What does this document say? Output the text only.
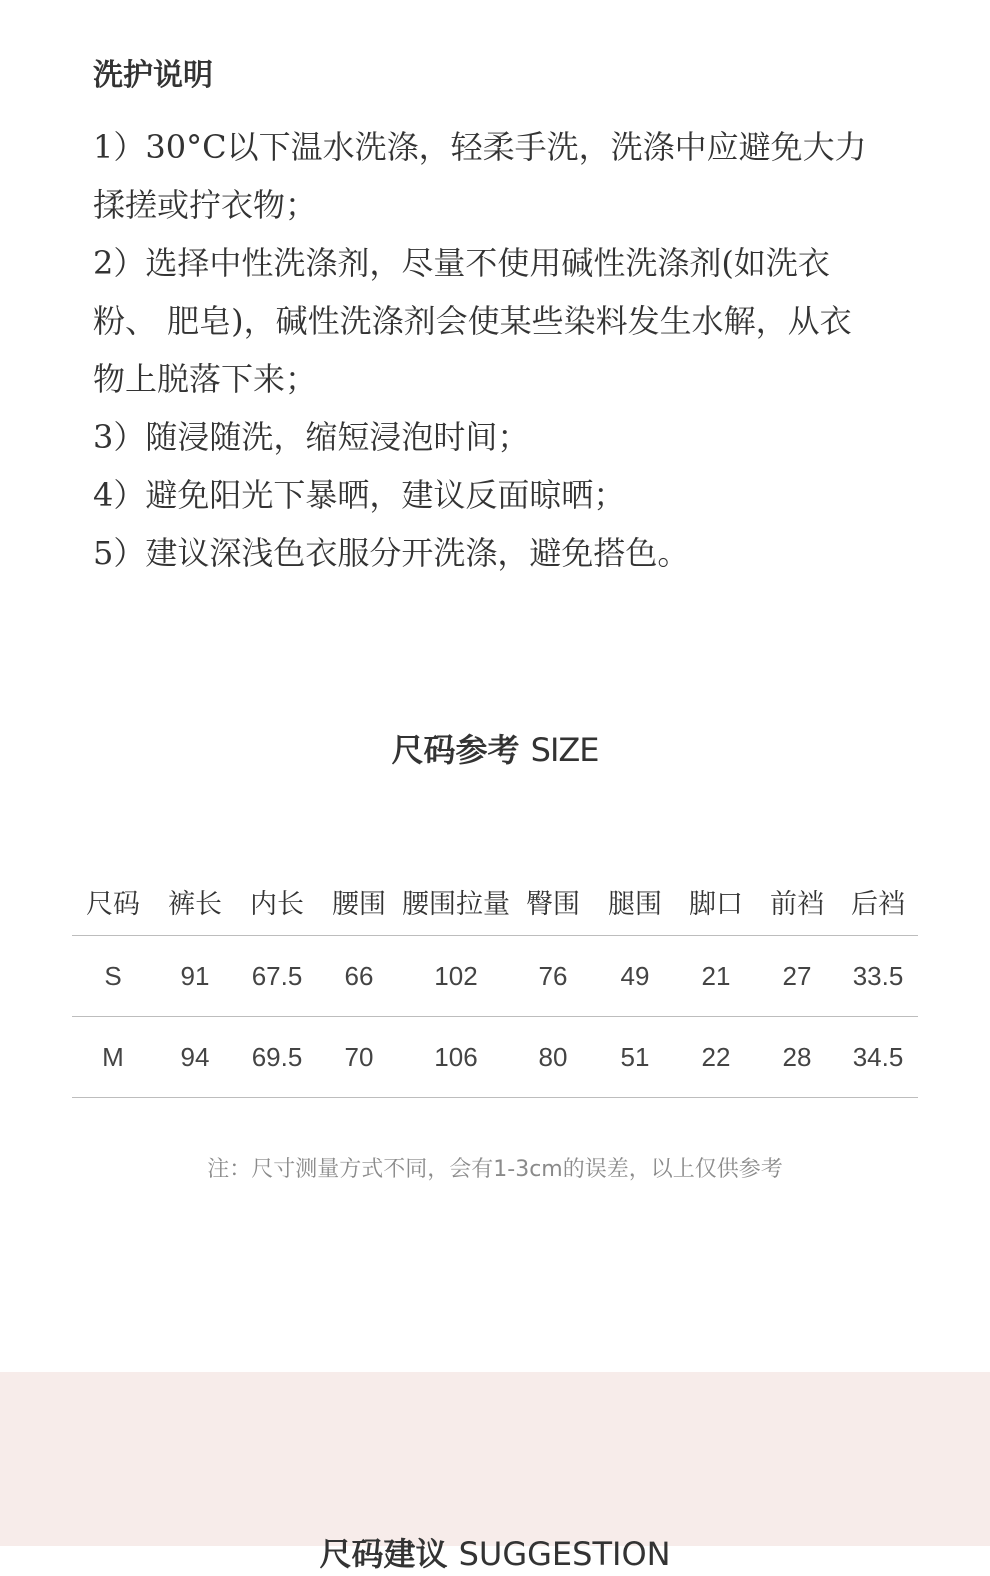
洗护说明

1）30°C以下温水洗涤，轻柔手洗，洗涤中应避免大力

揉搓或拧衣物；

2）选择中性洗涤剂，尽量不使用碱性洗涤剂(如洗衣

粉、 肥皂)，碱性洗涤剂会使某些染料发生水解，从衣

物上脱落下来；

3）随浸随洗，缩短浸泡时间；

4）避免阳光下暴晒，建议反面晾晒；

5）建议深浅色衣服分开洗涤，避免搭色。

尺码参考 SIZE
尺码	裤长	内长	腰围	腰围拉量	臀围	腿围	脚口	前裆	后裆
S	91	67.5	66	102	76	49	21	27	33.5
M	94	69.5	70	106	80	51	22	28	34.5

注：尺寸测量方式不同，会有1-3cm的误差，以上仅供参考

尺码建议 SUGGESTION
